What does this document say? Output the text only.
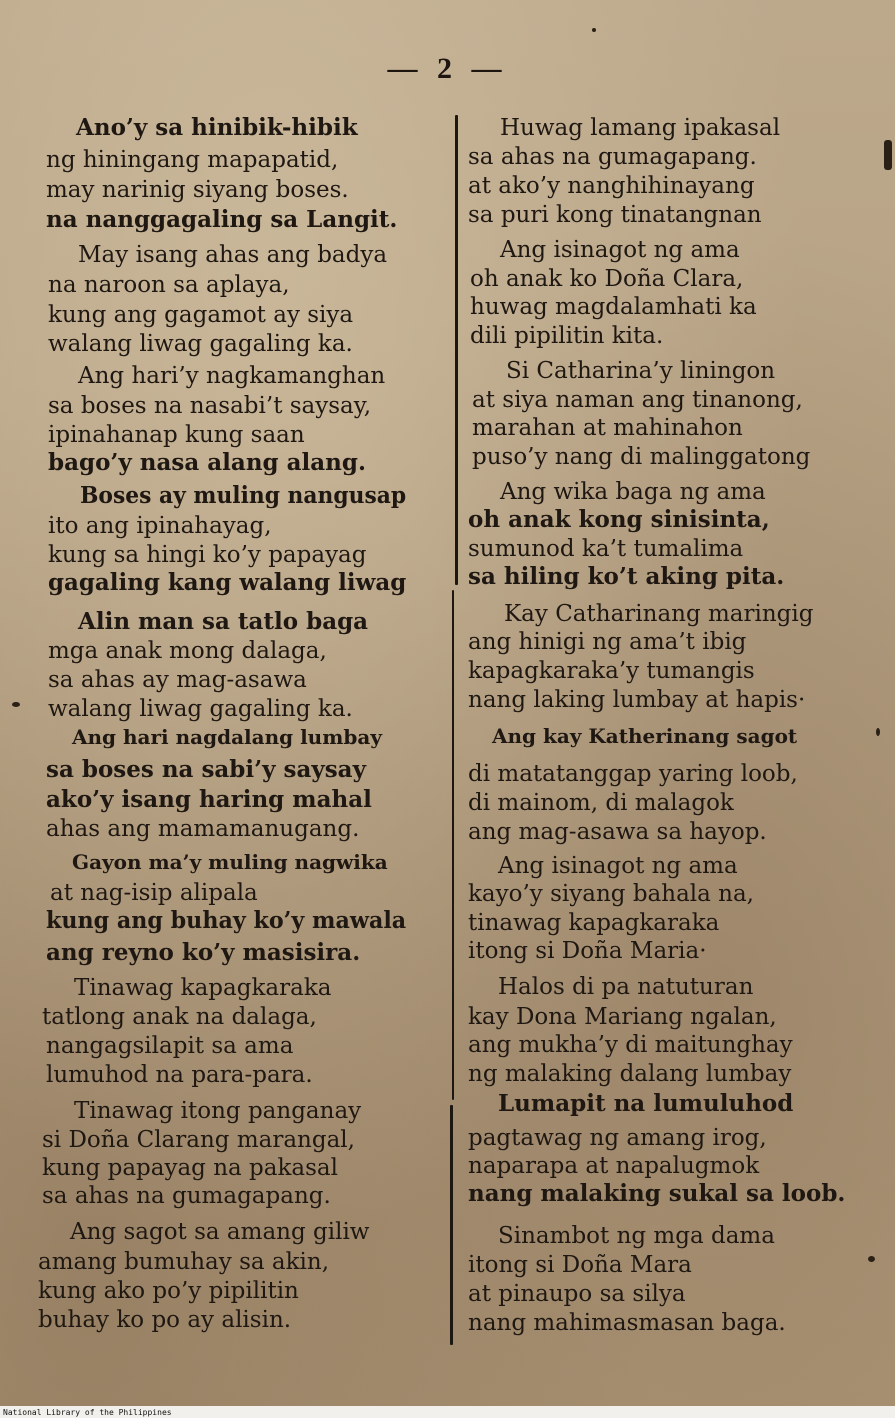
— 2 —
Ano’y sa hinibik-hibik
ng hiningang mapapatid,
may narinig siyang boses.
na nanggagaling sa Langit.
May isang ahas ang badya
na naroon sa aplaya,
kung ang gagamot ay siya
walang liwag gagaling ka.
Ang hari’y nagkamanghan
sa boses na nasabi’t saysay,
ipinahanap kung saan
bago’y nasa alang alang.
Boses ay muling nangusap
ito ang ipinahayag,
kung sa hingi ko’y papayag
gagaling kang walang liwag
Alin man sa tatlo baga
mga anak mong dalaga,
sa ahas ay mag-asawa
walang liwag gagaling ka.
Ang hari nagdalang lumbay
sa boses na sabi’y saysay
ako’y isang haring mahal
ahas ang mamamanugang.
Gayon ma’y muling nagwika
at nag-isip alipala
kung ang buhay ko’y mawala
ang reyno ko’y masisira.
Tinawag kapagkaraka
tatlong anak na dalaga,
nangagsilapit sa ama
lumuhod na para-para.
Tinawag itong panganay
si Doña Clarang marangal,
kung papayag na pakasal
sa ahas na gumagapang.
Ang sagot sa amang giliw
amang bumuhay sa akin,
kung ako po’y pipilitin
buhay ko po ay alisin.
Huwag lamang ipakasal
sa ahas na gumagapang.
at ako’y nanghihinayang
sa puri kong tinatangnan
Ang isinagot ng ama
oh anak ko Doña Clara,
huwag magdalamhati ka
dili pipilitin kita.
Si Catharina’y liningon
at siya naman ang tinanong,
marahan at mahinahon
puso’y nang di malinggatong
Ang wika baga ng ama
oh anak kong sinisinta,
sumunod ka’t tumalima
sa hiling ko’t aking pita.
Kay Catharinang maringig
ang hinigi ng ama’t ibig
kapagkaraka’y tumangis
nang laking lumbay at hapis·
Ang kay Katherinang sagot
di matatanggap yaring loob,
di mainom, di malagok
ang mag-asawa sa hayop.
Ang isinagot ng ama
kayo’y siyang bahala na,
tinawag kapagkaraka
itong si Doña Maria·
Halos di pa natuturan
kay Dona Mariang ngalan,
ang mukha’y di maitunghay
ng malaking dalang lumbay
Lumapit na lumuluhod
pagtawag ng amang irog,
naparapa at napalugmok
nang malaking sukal sa loob.
Sinambot ng mga dama
itong si Doña Mara
at pinaupo sa silya
nang mahimasmasan baga.
National Library of the Philippines
